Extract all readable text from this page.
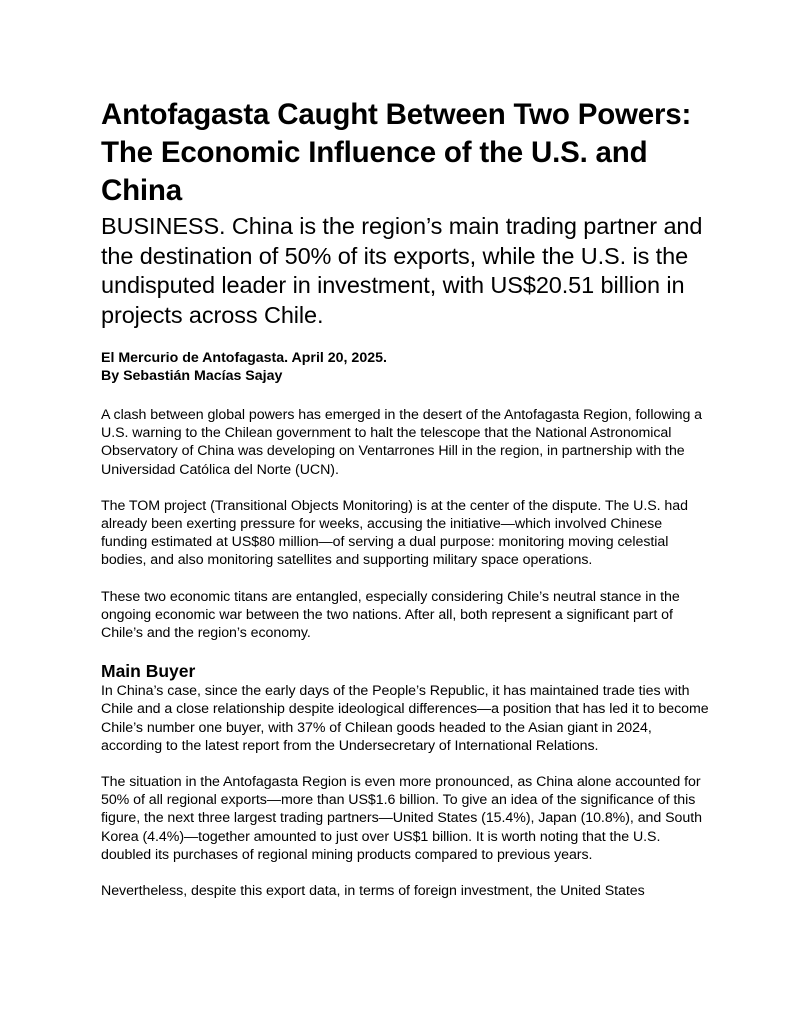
Antofagasta Caught Between Two Powers: The Economic Influence of the U.S. and China

BUSINESS. China is the region’s main trading partner and the destination of 50% of its exports, while the U.S. is the undisputed leader in investment, with US$20.51 billion in projects across Chile.

El Mercurio de Antofagasta. April 20, 2025.
By Sebastián Macías Sajay

A clash between global powers has emerged in the desert of the Antofagasta Region, following a U.S. warning to the Chilean government to halt the telescope that the National Astronomical Observatory of China was developing on Ventarrones Hill in the region, in partnership with the Universidad Católica del Norte (UCN).

The TOM project (Transitional Objects Monitoring) is at the center of the dispute. The U.S. had already been exerting pressure for weeks, accusing the initiative—which involved Chinese funding estimated at US$80 million—of serving a dual purpose: monitoring moving celestial bodies, and also monitoring satellites and supporting military space operations.

These two economic titans are entangled, especially considering Chile’s neutral stance in the ongoing economic war between the two nations. After all, both represent a significant part of Chile’s and the region’s economy.

Main Buyer

In China’s case, since the early days of the People’s Republic, it has maintained trade ties with Chile and a close relationship despite ideological differences—a position that has led it to become Chile’s number one buyer, with 37% of Chilean goods headed to the Asian giant in 2024, according to the latest report from the Undersecretary of International Relations.

The situation in the Antofagasta Region is even more pronounced, as China alone accounted for 50% of all regional exports—more than US$1.6 billion. To give an idea of the significance of this figure, the next three largest trading partners—United States (15.4%), Japan (10.8%), and South Korea (4.4%)—together amounted to just over US$1 billion. It is worth noting that the U.S. doubled its purchases of regional mining products compared to previous years.

Nevertheless, despite this export data, in terms of foreign investment, the United States
